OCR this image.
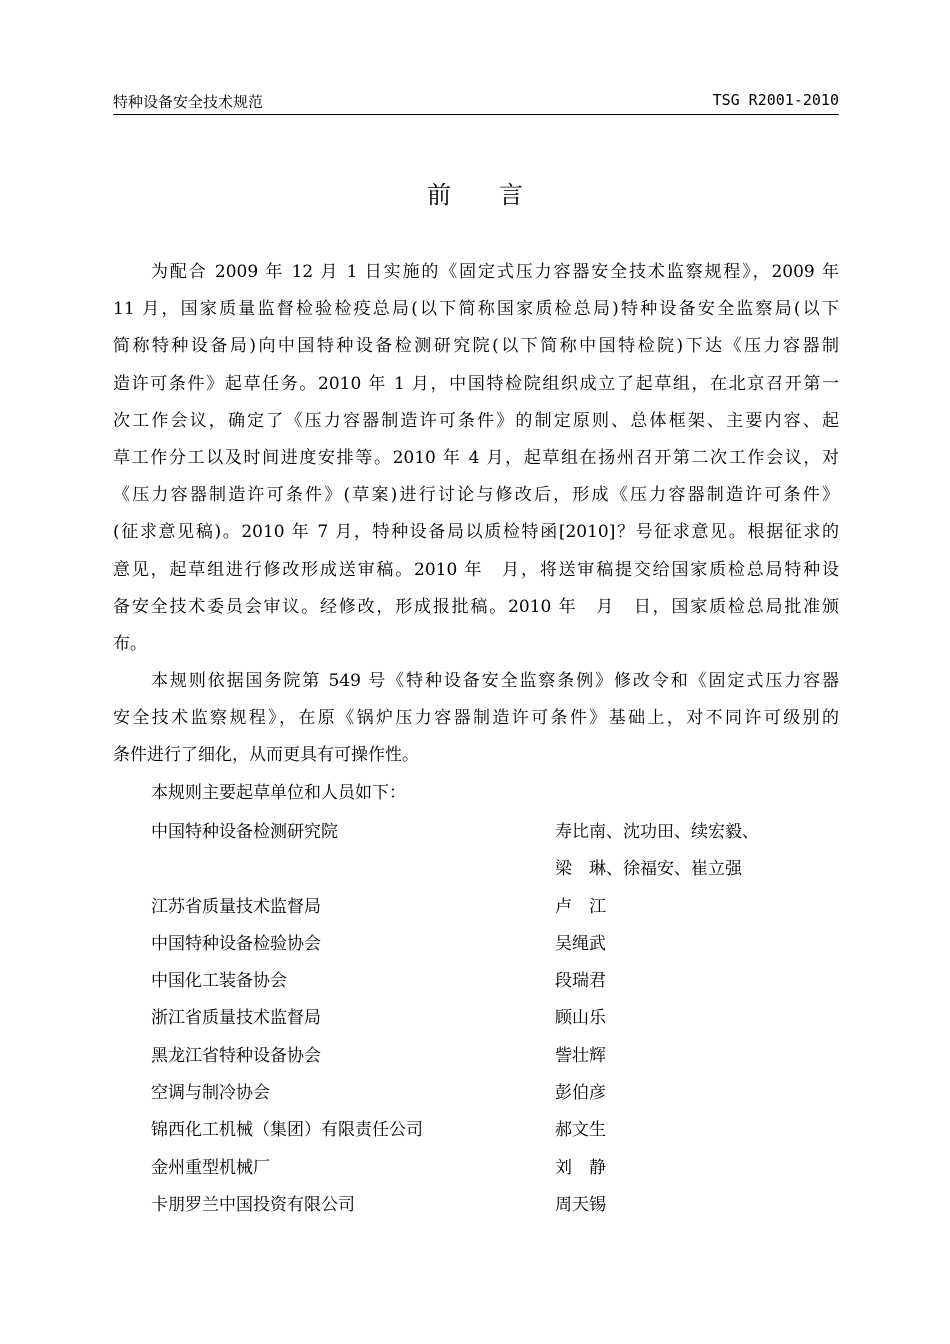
特种设备安全技术规范	TSG R2001-2010
前言
为配合 2009 年 12 月 1 日实施的《固定式压力容器安全技术监察规程》，2009 年
11 月，国家质量监督检验检疫总局(以下简称国家质检总局)特种设备安全监察局(以下
简称特种设备局)向中国特种设备检测研究院(以下简称中国特检院)下达《压力容器制
造许可条件》起草任务。2010 年 1 月，中国特检院组织成立了起草组，在北京召开第一
次工作会议，确定了《压力容器制造许可条件》的制定原则、总体框架、主要内容、起
草工作分工以及时间进度安排等。2010 年 4 月，起草组在扬州召开第二次工作会议，对
《压力容器制造许可条件》(草案)进行讨论与修改后，形成《压力容器制造许可条件》
(征求意见稿)。2010 年 7 月，特种设备局以质检特函[2010]？号征求意见。根据征求的
意见，起草组进行修改形成送审稿。2010 年　月，将送审稿提交给国家质检总局特种设
备安全技术委员会审议。经修改，形成报批稿。2010 年　月　日，国家质检总局批准颁
布。
本规则依据国务院第 549 号《特种设备安全监察条例》修改令和《固定式压力容器
安全技术监察规程》，在原《锅炉压力容器制造许可条件》基础上，对不同许可级别的
条件进行了细化，从而更具有可操作性。
本规则主要起草单位和人员如下：
中国特种设备检测研究院	寿比南、沈功田、续宏毅、
梁　琳、徐福安、崔立强
江苏省质量技术监督局	卢　江
中国特种设备检验协会	吴绳武
中国化工装备协会	段瑞君
浙江省质量技术监督局	顾山乐
黑龙江省特种设备协会	訾壮辉
空调与制冷协会	彭伯彦
锦西化工机械（集团）有限责任公司	郝文生
金州重型机械厂	刘　静
卡朋罗兰中国投资有限公司	周天锡
